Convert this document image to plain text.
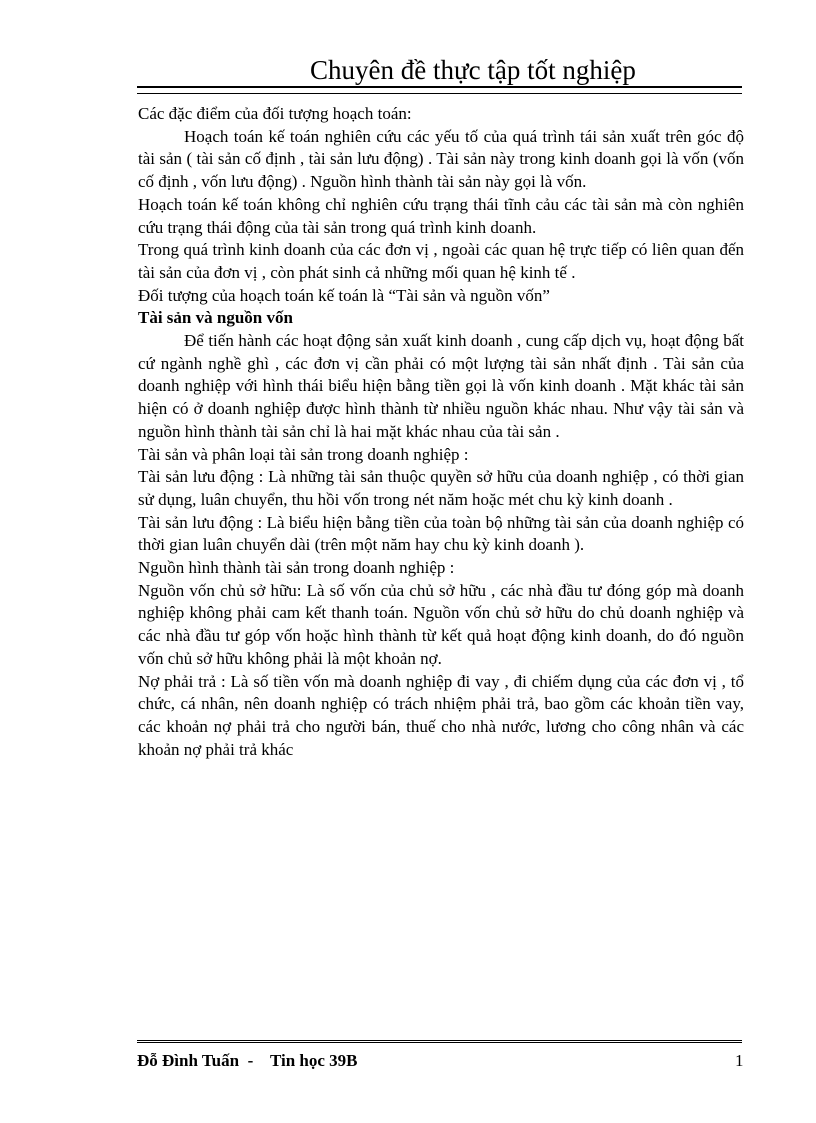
Chuyên đề thực tập tốt nghiệp

Các đặc điểm của đối tượng hoạch toán:

Hoạch toán kế toán nghiên cứu các yếu tố của quá trình tái sản xuất trên góc độ tài sản ( tài sản cố định , tài sản lưu động) . Tài sản này trong kinh doanh gọi là vốn (vốn cố định , vốn lưu động) . Nguồn hình thành tài sản này gọi là vốn.

Hoạch toán kế toán không chỉ nghiên cứu trạng thái tĩnh cảu các tài sản mà còn nghiên cứu trạng thái động của tài sản trong quá trình kinh doanh.

Trong quá trình kinh doanh của các đơn vị , ngoài các quan hệ trực tiếp có liên quan đến tài sản của đơn vị , còn phát sinh cả những mối quan hệ kinh tế .

Đối tượng của hoạch toán kế toán là “Tài sản và nguồn vốn”

Tài sản và nguồn vốn

Để tiến hành các hoạt động sản xuất kinh doanh , cung cấp dịch vụ, hoạt động bất cứ ngành nghề ghì , các đơn vị cần phải có một lượng tài sản nhất định . Tài sản của doanh nghiệp với hình thái biểu hiện bằng tiền gọi là vốn kinh doanh . Mặt khác tài sản hiện có ở doanh nghiệp được hình thành từ nhiều nguồn khác nhau. Như vậy tài sản và nguồn hình thành tài sản chỉ là hai mặt khác nhau của tài sản .

Tài sản và phân loại tài sản trong doanh nghiệp :

Tài sản lưu động : Là những tài sản thuộc quyền sở hữu của doanh nghiệp , có thời gian sử dụng, luân chuyển, thu hồi vốn trong nét năm hoặc mét chu kỳ kinh doanh .

Tài sản lưu động : Là biểu hiện bằng tiền của toàn bộ những tài sản của doanh nghiệp có thời gian luân chuyển dài (trên một năm hay chu kỳ kinh doanh ).

Nguồn hình thành tài sản trong doanh nghiệp :

Nguồn vốn chủ sở hữu: Là số vốn của chủ sở hữu , các nhà đầu tư đóng góp mà doanh nghiệp không phải cam kết thanh toán. Nguồn vốn chủ sở hữu do chủ doanh nghiệp và các nhà đầu tư góp vốn hoặc hình thành từ kết quả hoạt động kinh doanh, do đó nguồn vốn chủ sở hữu không phải là một khoản nợ.

Nợ phải trả : Là số tiền vốn mà doanh nghiệp đi vay , đi chiếm dụng của các đơn vị , tổ chức, cá nhân, nên doanh nghiệp có trách nhiệm phải trả, bao gồm các khoản tiền vay, các khoản nợ phải trả cho người bán, thuế cho nhà nước, lương cho công nhân và các khoản nợ phải trả khác

Đỗ Đình Tuấn - Tin học 39B	1
